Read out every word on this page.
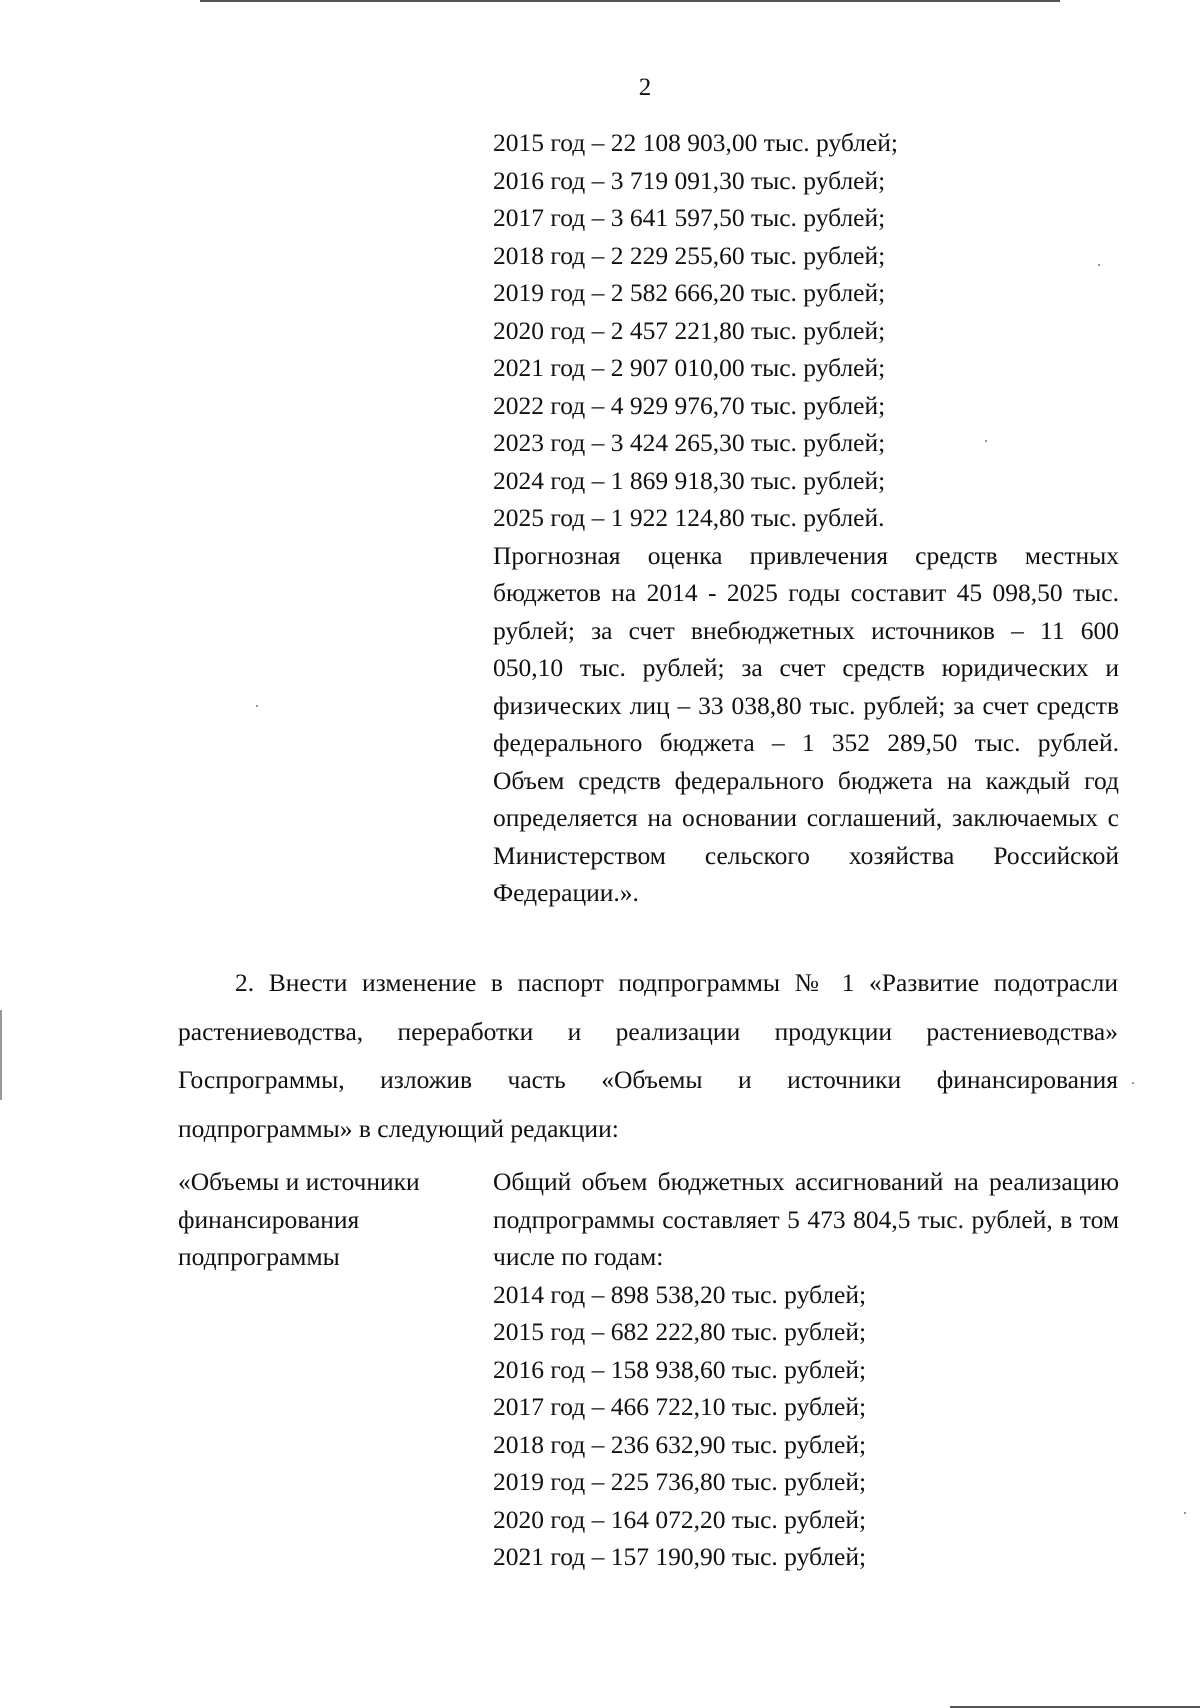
2
2015 год – 22 108 903,00 тыс. рублей;
2016 год – 3 719 091,30 тыс. рублей;
2017 год – 3 641 597,50 тыс. рублей;
2018 год – 2 229 255,60 тыс. рублей;
2019 год – 2 582 666,20 тыс. рублей;
2020 год – 2 457 221,80 тыс. рублей;
2021 год – 2 907 010,00 тыс. рублей;
2022 год – 4 929 976,70 тыс. рублей;
2023 год – 3 424 265,30 тыс. рублей;
2024 год – 1 869 918,30 тыс. рублей;
2025 год – 1 922 124,80 тыс. рублей.
Прогнозная оценка привлечения средств местных бюджетов на 2014 - 2025 годы составит 45 098,50 тыс. рублей; за счет внебюджетных источников – 11 600 050,10 тыс. рублей; за счет средств юридических и физических лиц – 33 038,80 тыс. рублей; за счет средств федерального бюджета – 1 352 289,50 тыс. рублей. Объем средств федерального бюджета на каждый год определяется на основании соглашений, заключаемых с Министерством сельского хозяйства Российской Федерации.».
2. Внести изменение в паспорт подпрограммы № 1 «Развитие подотрасли растениеводства, переработки и реализации продукции растениеводства» Госпрограммы, изложив часть «Объемы и источники финансирования подпрограммы» в следующий редакции:
«Объемы и источники финансирования подпрограммы
Общий объем бюджетных ассигнований на реализацию подпрограммы составляет 5 473 804,5 тыс. рублей, в том числе по годам:
2014 год – 898 538,20 тыс. рублей;
2015 год – 682 222,80 тыс. рублей;
2016 год – 158 938,60 тыс. рублей;
2017 год – 466 722,10 тыс. рублей;
2018 год – 236 632,90 тыс. рублей;
2019 год – 225 736,80 тыс. рублей;
2020 год – 164 072,20 тыс. рублей;
2021 год – 157 190,90 тыс. рублей;
